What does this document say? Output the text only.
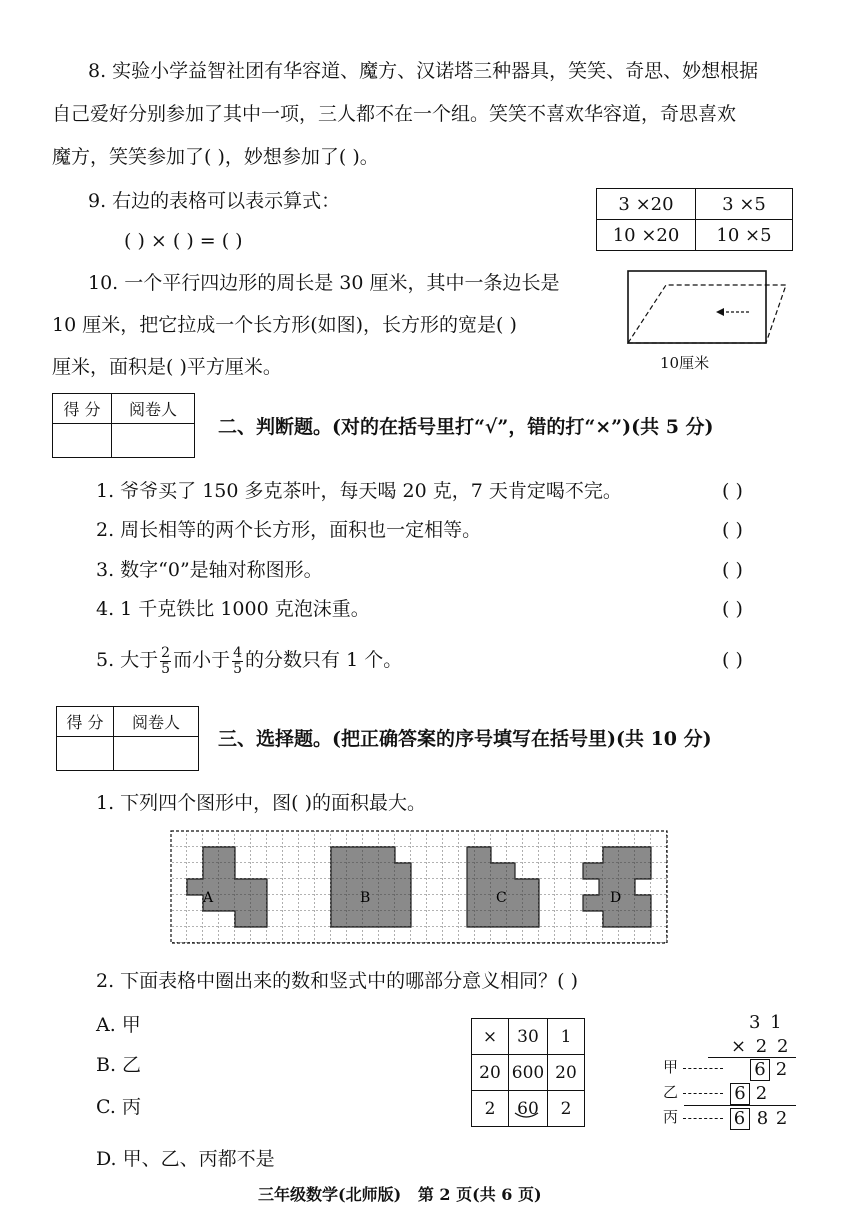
8. 实验小学益智社团有华容道、魔方、汉诺塔三种器具，笑笑、奇思、妙想根据
自己爱好分别参加了其中一项，三人都不在一个组。笑笑不喜欢华容道，奇思喜欢
魔方，笑笑参加了( )，妙想参加了( )。
9. 右边的表格可以表示算式：
( ) × ( ) = ( )
3 ×20	3 ×5
10 ×20	10 ×5
10. 一个平行四边形的周长是 30 厘米，其中一条边长是
10 厘米，把它拉成一个长方形(如图)，长方形的宽是( )
厘米，面积是( )平方厘米。	10厘米
得 分	阅卷人

二、判断题。(对的在括号里打“√”，错的打“×”)(共 5 分)
1. 爷爷买了 150 多克茶叶，每天喝 20 克，7 天肯定喝不完。
2. 周长相等的两个长方形，面积也一定相等。
3. 数字“0”是轴对称图形。
4. 1 千克铁比 1000 克泡沫重。
5. 大于 $\frac{2}{5}$ 而小于 $\frac{4}{5}$ 的分数只有 1 个。
( )
( )
( )
( )
( )
得 分	阅卷人

三、选择题。(把正确答案的序号填写在括号里)(共 10 分)
1. 下列四个图形中，图( )的面积最大。
A	B	C	D
2. 下面表格中圈出来的数和竖式中的哪部分意义相同？( )
A. 甲
B. 乙
C. 丙
D. 甲、乙、丙都不是
×	30	1
20	600	20
2	60	2
3 1
× 2 2
甲	6 2
乙	6 2
丙	6 8 2
三年级数学(北师版)   第 2 页(共 6 页)
